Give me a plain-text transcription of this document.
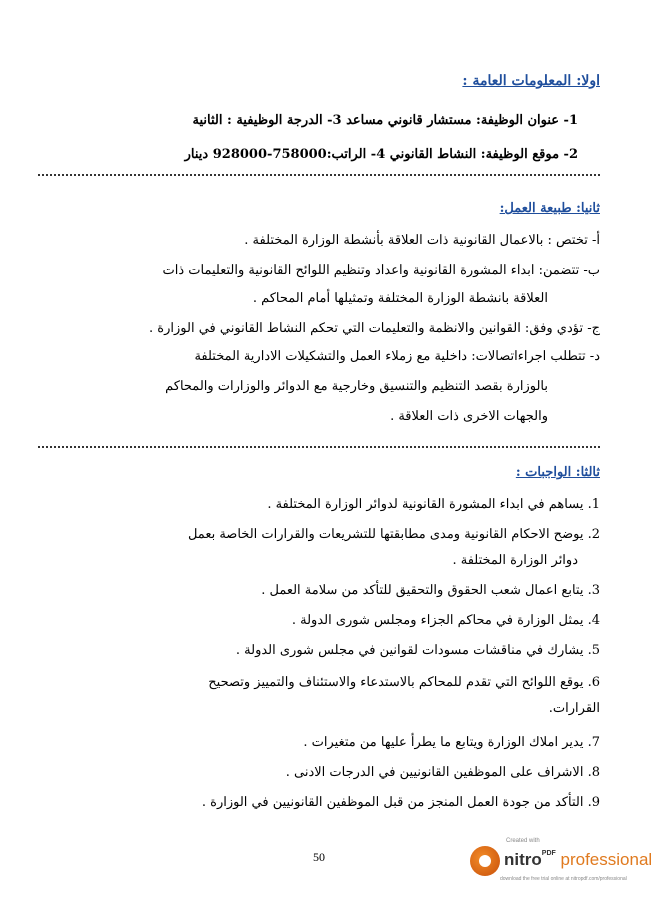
اولا: المعلومات العامة :
1- عنوان الوظيفة: مستشار قانوني مساعد 3- الدرجة الوظيفية : الثانية
2- موقع الوظيفة: النشاط القانوني 4- الراتب:758000-928000 دينار
ثانيا: طبيعة العمل:
أ- تختص : بالاعمال القانونية ذات العلاقة بأنشطة الوزارة المختلفة .
ب- تتضمن: ابداء المشورة القانونية واعداد وتنظيم اللوائح القانونية والتعليمات ذات
العلاقة بانشطة الوزارة المختلفة وتمثيلها أمام المحاكم .
ج- تؤدي وفق: القوانين والانظمة والتعليمات التي تحكم النشاط القانوني في الوزارة .
د- تتطلب اجراءاتصالات: داخلية مع زملاء العمل والتشكيلات الادارية المختلفة
بالوزارة بقصد التنظيم والتنسيق وخارجية مع الدوائر والوزارات والمحاكم
والجهات الاخرى ذات العلاقة .
ثالثا: الواجبات :
1. يساهم في ابداء المشورة القانونية لدوائر الوزارة المختلفة .
2. يوضح الاحكام القانونية ومدى مطابقتها للتشريعات والقرارات الخاصة بعمل
دوائر الوزارة المختلفة .
3. يتابع اعمال شعب الحقوق والتحقيق للتأكد من سلامة العمل .
4. يمثل الوزارة في محاكم الجزاء ومجلس شورى الدولة .
5. يشارك في مناقشات مسودات لقوانين في مجلس شورى الدولة .
6. يوقع اللوائح التي تقدم للمحاكم بالاستدعاء والاستئناف والتمييز وتصحيح
القرارات.
7. يدير املاك الوزارة ويتابع ما يطرأ عليها من متغيرات .
8. الاشراف على الموظفين القانونيين في الدرجات الادنى .
9. التأكد من جودة العمل المنجز من قبل الموظفين القانونيين في الوزارة .
50
Created with
nitro$^{PDF}$ professional
download the free trial online at nitropdf.com/professional
